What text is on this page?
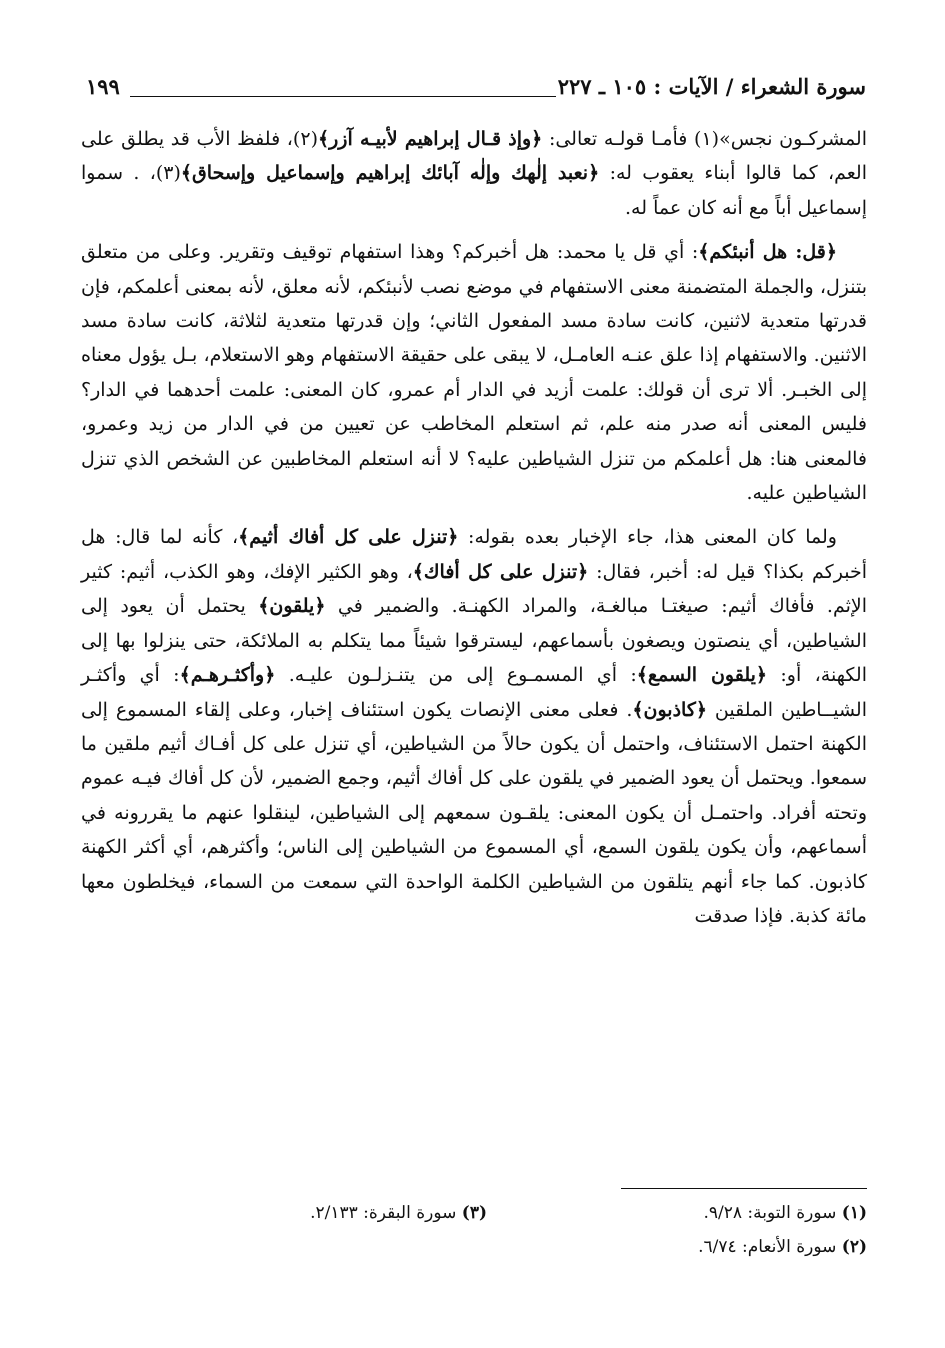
سورة الشعراء / الآيات : ١٠٥ ـ ٢٢٧
١٩٩

المشركـون نجس»(١) فأمـا قولـه تعالى: ﴿وإذ قـال إبراهيم لأبيـه آزر﴾(٢)، فلفظ الأب قد يطلق على العم، كما قالوا أبناء يعقوب له: ﴿نعبد إلٰهك وإلٰه آبائك إبراهيم وإسماعيل وإسحاق﴾(٣)، . سموا إسماعيل أباً مع أنه كان عماً له.

﴿قل: هل أنبئكم﴾: أي قل يا محمد: هل أخبركم؟ وهذا استفهام توقيف وتقرير. وعلى من متعلق بتنزل، والجملة المتضمنة معنى الاستفهام في موضع نصب لأنبئكم، لأنه معلق، لأنه بمعنى أعلمكم، فإن قدرتها متعدية لاثنين، كانت سادة مسد المفعول الثاني؛ وإن قدرتها متعدية لثلاثة، كانت سادة مسد الاثنين. والاستفهام إذا علق عنـه العامـل، لا يبقى على حقيقة الاستفهام وهو الاستعلام، بـل يؤول معناه إلى الخبـر. ألا ترى أن قولك: علمت أزيد في الدار أم عمرو، كان المعنى: علمت أحدهما في الدار؟ فليس المعنى أنه صدر منه علم، ثم استعلم المخاطب عن تعيين من في الدار من زيد وعمرو، فالمعنى هنا: هل أعلمكم من تنزل الشياطين عليه؟ لا أنه استعلم المخاطبين عن الشخص الذي تنزل الشياطين عليه.

ولما كان المعنى هذا، جاء الإخبار بعده بقوله: ﴿تنزل على كل أفاك أثيم﴾، كأنه لما قال: هل أخبركم بكذا؟ قيل له: أخبر، فقال: ﴿تنزل على كل أفاك﴾، وهو الكثير الإفك، وهو الكذب، أثيم: كثير الإثم. فأفاك أثيم: صيغتـا مبالغـة، والمراد الكهنـة. والضمير في ﴿يلقون﴾ يحتمل أن يعود إلى الشياطين، أي ينصتون ويصغون بأسماعهم، ليسترقوا شيئاً مما يتكلم به الملائكة، حتى ينزلوا بها إلى الكهنة، أو: ﴿يلقون السمع﴾: أي المسمـوع إلى من يتنـزلـون عليـه. ﴿وأكثـرهـم﴾: أي وأكثـر الشيــاطين الملقين ﴿كاذبون﴾. فعلى معنى الإنصات يكون استئناف إخبار، وعلى إلقاء المسموع إلى الكهنة احتمل الاستئناف، واحتمل أن يكون حالاً من الشياطين، أي تنزل على كل أفـاك أثيم ملقين ما سمعوا. ويحتمل أن يعود الضمير في يلقون على كل أفاك أثيم، وجمع الضمير، لأن كل أفاك فيـه عموم وتحته أفراد. واحتمـل أن يكون المعنى: يلقـون سمعهم إلى الشياطين، لينقلوا عنهم ما يقررونه في أسماعهم، وأن يكون يلقون السمع، أي المسموع من الشياطين إلى الناس؛ وأكثرهم، أي أكثر الكهنة كاذبون. كما جاء أنهم يتلقون من الشياطين الكلمة الواحدة التي سمعت من السماء، فيخلطون معها مائة كذبة. فإذا صدقت

(١) سورة التوبة: ٩/٢٨.
(٣) سورة البقرة: ٢/١٣٣.
(٢) سورة الأنعام: ٦/٧٤.
